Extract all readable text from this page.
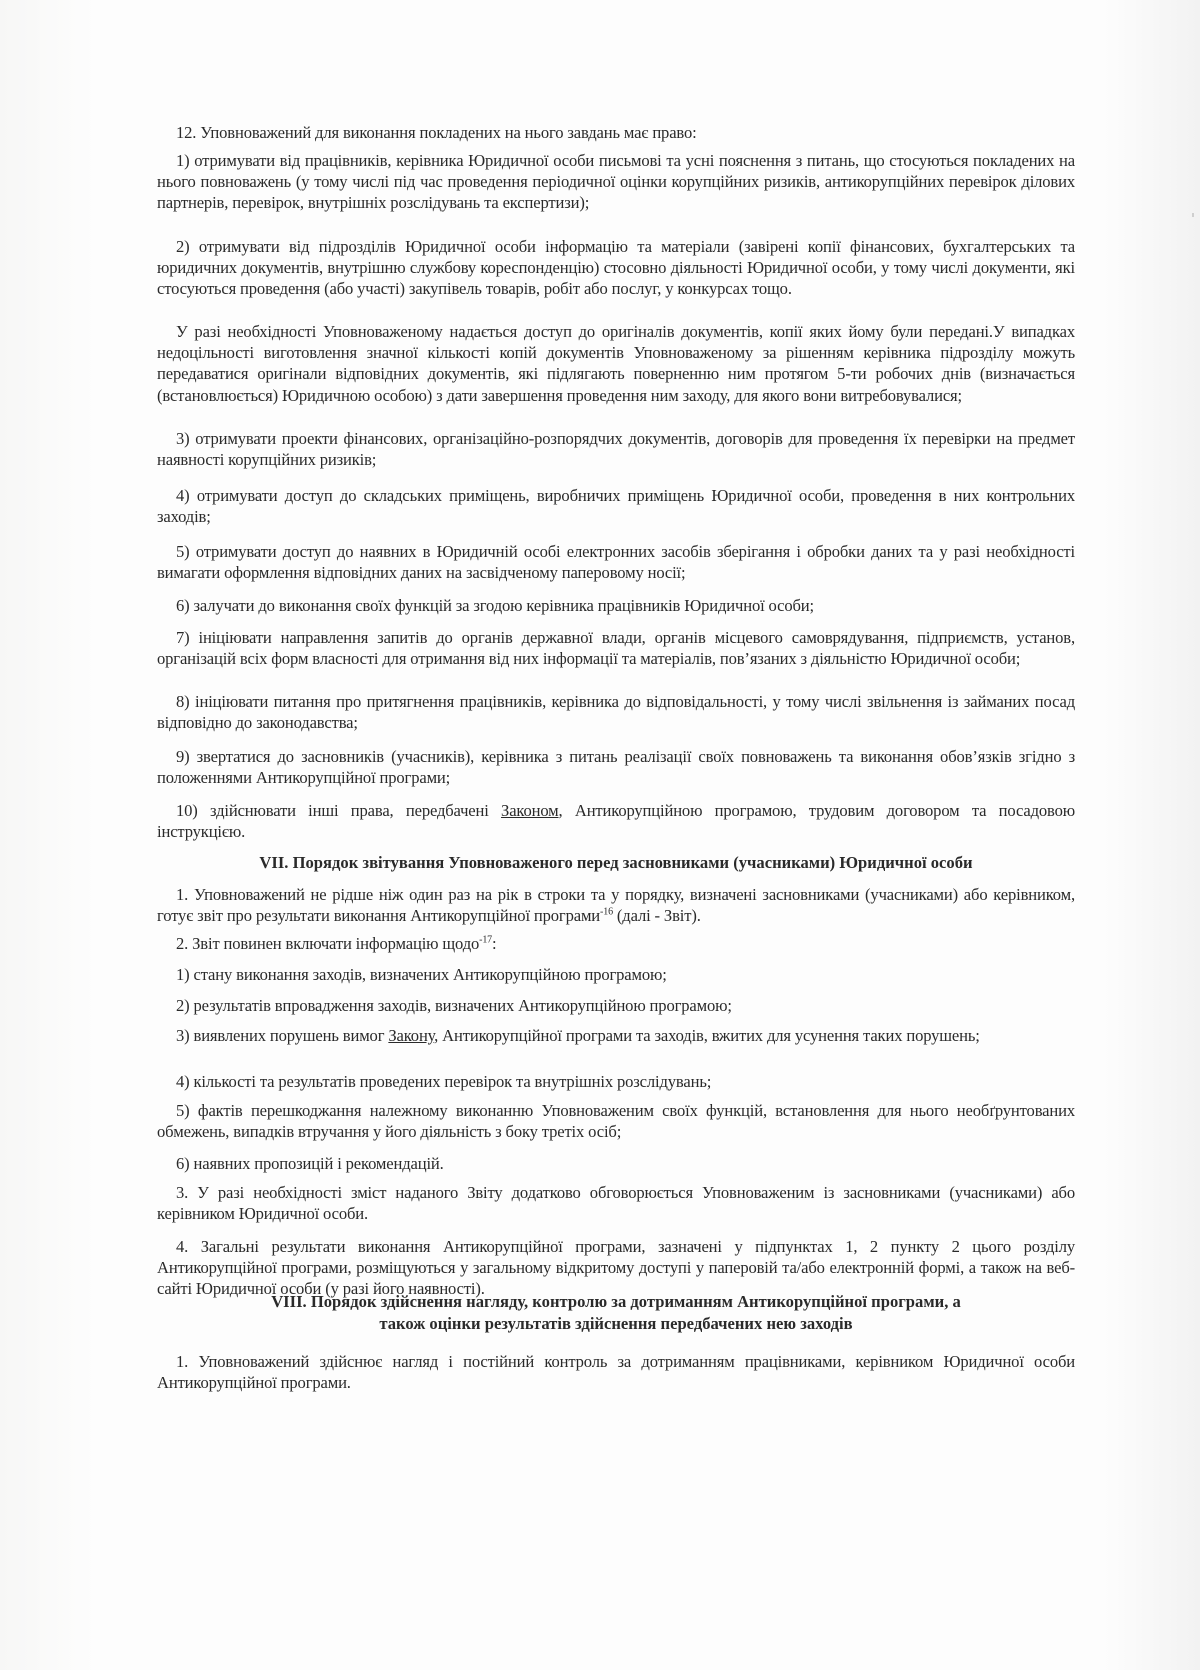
12. Уповноважений для виконання покладених на нього завдань має право:
1) отримувати від працівників, керівника Юридичної особи письмові та усні пояснення з питань, що стосуються покладених на нього повноважень (у тому числі під час проведення періодичної оцінки корупційних ризиків, антикорупційних перевірок ділових партнерів, перевірок, внутрішніх розслідувань та експертизи);
2) отримувати від підрозділів Юридичної особи інформацію та матеріали (завірені копії фінансових, бухгалтерських та юридичних документів, внутрішню службову кореспонденцію) стосовно діяльності Юридичної особи, у тому числі документи, які стосуються проведення (або участі) закупівель товарів, робіт або послуг, у конкурсах тощо.
У разі необхідності Уповноваженому надається доступ до оригіналів документів, копії яких йому були передані.У випадках недоцільності виготовлення значної кількості копій документів Уповноваженому за рішенням керівника підрозділу можуть передаватися оригінали відповідних документів, які підлягають поверненню ним протягом 5-ти робочих днів (визначається (встановлюється) Юридичною особою) з дати завершення проведення ним заходу, для якого вони витребовувалися;
3) отримувати проекти фінансових, організаційно-розпорядчих документів, договорів для проведення їх перевірки на предмет наявності корупційних ризиків;
4) отримувати доступ до складських приміщень, виробничих приміщень Юридичної особи, проведення в них контрольних заходів;
5) отримувати доступ до наявних в Юридичній особі електронних засобів зберігання і обробки даних та у разі необхідності вимагати оформлення відповідних даних на засвідченому паперовому носії;
6) залучати до виконання своїх функцій за згодою керівника працівників Юридичної особи;
7) ініціювати направлення запитів до органів державної влади, органів місцевого самоврядування, підприємств, установ, організацій всіх форм власності для отримання від них інформації та матеріалів, пов’язаних з діяльністю Юридичної особи;
8) ініціювати питання про притягнення працівників, керівника до відповідальності, у тому числі звільнення із займаних посад відповідно до законодавства;
9) звертатися до засновників (учасників), керівника з питань реалізації своїх повноважень та виконання обов’язків згідно з положеннями Антикорупційної програми;
10) здійснювати інші права, передбачені Законом, Антикорупційною програмою, трудовим договором та посадовою інструкцією.
VII. Порядок звітування Уповноваженого перед засновниками (учасниками) Юридичної особи
1. Уповноважений не рідше ніж один раз на рік в строки та у порядку, визначені засновниками (учасниками) або керівником, готує звіт про результати виконання Антикорупційної програми$^{-16}$ (далі - Звіт).
2. Звіт повинен включати інформацію щодо$^{-17}$:
1) стану виконання заходів, визначених Антикорупційною програмою;
2) результатів впровадження заходів, визначених Антикорупційною програмою;
3) виявлених порушень вимог Закону, Антикорупційної програми та заходів, вжитих для усунення таких порушень;
4) кількості та результатів проведених перевірок та внутрішніх розслідувань;
5) фактів перешкоджання належному виконанню Уповноваженим своїх функцій, встановлення для нього необґрунтованих обмежень, випадків втручання у його діяльність з боку третіх осіб;
6) наявних пропозицій і рекомендацій.
3. У разі необхідності зміст наданого Звіту додатково обговорюється Уповноваженим із засновниками (учасниками) або керівником Юридичної особи.
4. Загальні результати виконання Антикорупційної програми, зазначені у підпунктах 1, 2 пункту 2 цього розділу Антикорупційної програми, розміщуються у загальному відкритому доступі у паперовій та/або електронній формі, а також на веб-сайті Юридичної особи (у разі його наявності).
VIII. Порядок здійснення нагляду, контролю за дотриманням Антикорупційної програми, а
також оцінки результатів здійснення передбачених нею заходів
1. Уповноважений здійснює нагляд і постійний контроль за дотриманням працівниками, керівником Юридичної особи Антикорупційної програми.
